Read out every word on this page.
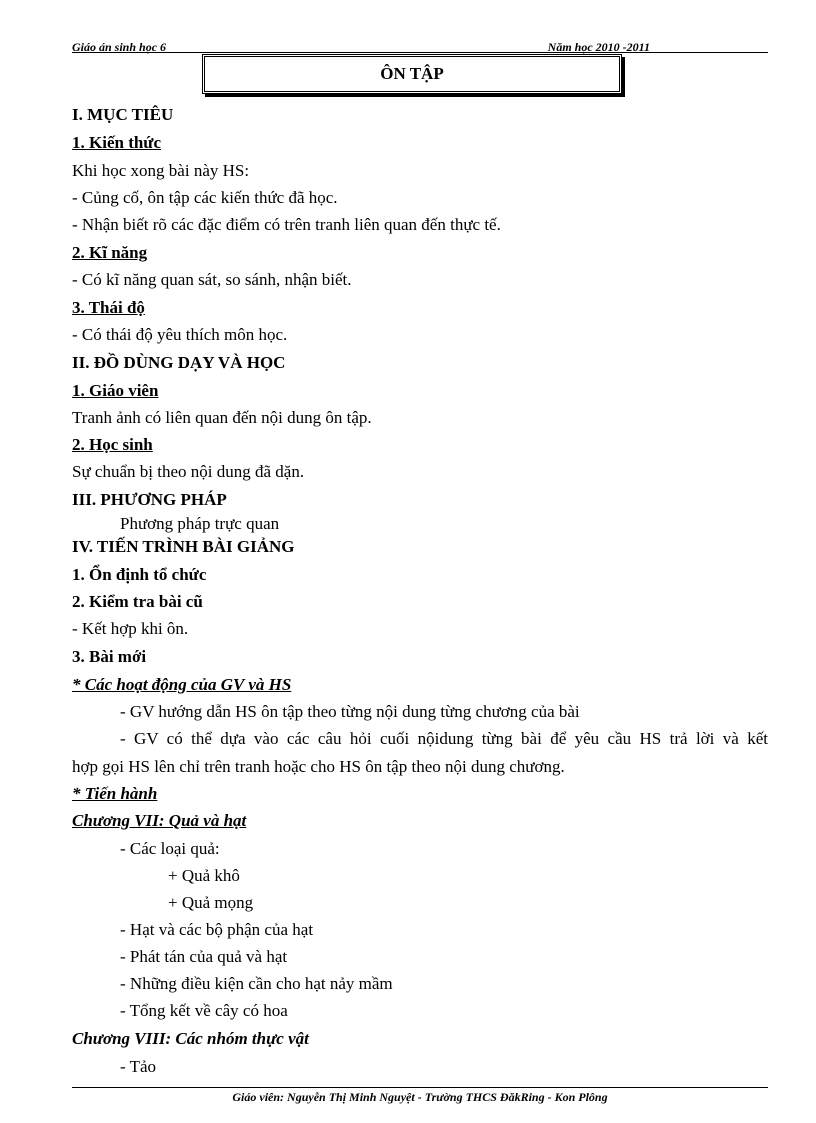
Giáo án sinh học 6	Năm học 2010 -2011
ÔN TẬP
I. MỤC TIÊU
1. Kiến thức
Khi học xong bài này HS:
- Củng cố, ôn tập các kiến thức đã học.
- Nhận biết rõ các đặc điểm có trên tranh liên quan đến thực tế.
2. Kĩ năng
- Có kĩ năng quan sát, so sánh, nhận biết.
3. Thái độ
- Có thái độ yêu thích môn học.
II. ĐỒ DÙNG DẠY VÀ HỌC
1. Giáo viên
Tranh ảnh có liên quan đến nội dung ôn tập.
2. Học sinh
Sự chuẩn bị theo nội dung đã dặn.
III. PHƯƠNG PHÁP
Phương pháp trực quan
IV. TIẾN TRÌNH BÀI GIẢNG
1. Ổn định tổ chức
2. Kiểm tra bài cũ
- Kết hợp khi ôn.
3. Bài mới
* Các hoạt động của GV và HS
- GV hướng dẫn HS ôn tập theo từng nội dung từng chương của bài
- GV có thể dựa vào các câu hỏi cuối nộidung từng bài để yêu cầu HS trả lời và kết
hợp gọi HS lên chỉ trên tranh hoặc cho HS ôn tập theo nội dung chương.
* Tiến hành
Chương VII: Quả và hạt
- Các loại quả:
+ Quả khô
+ Quả mọng
- Hạt và các bộ phận của hạt
- Phát tán của quả và hạt
- Những điều kiện cần cho hạt nảy mầm
- Tổng kết về cây có hoa
Chương VIII: Các nhóm thực vật
- Tảo
Giáo viên: Nguyễn Thị Minh Nguyệt - Trường THCS ĐăkRing - Kon Plông
